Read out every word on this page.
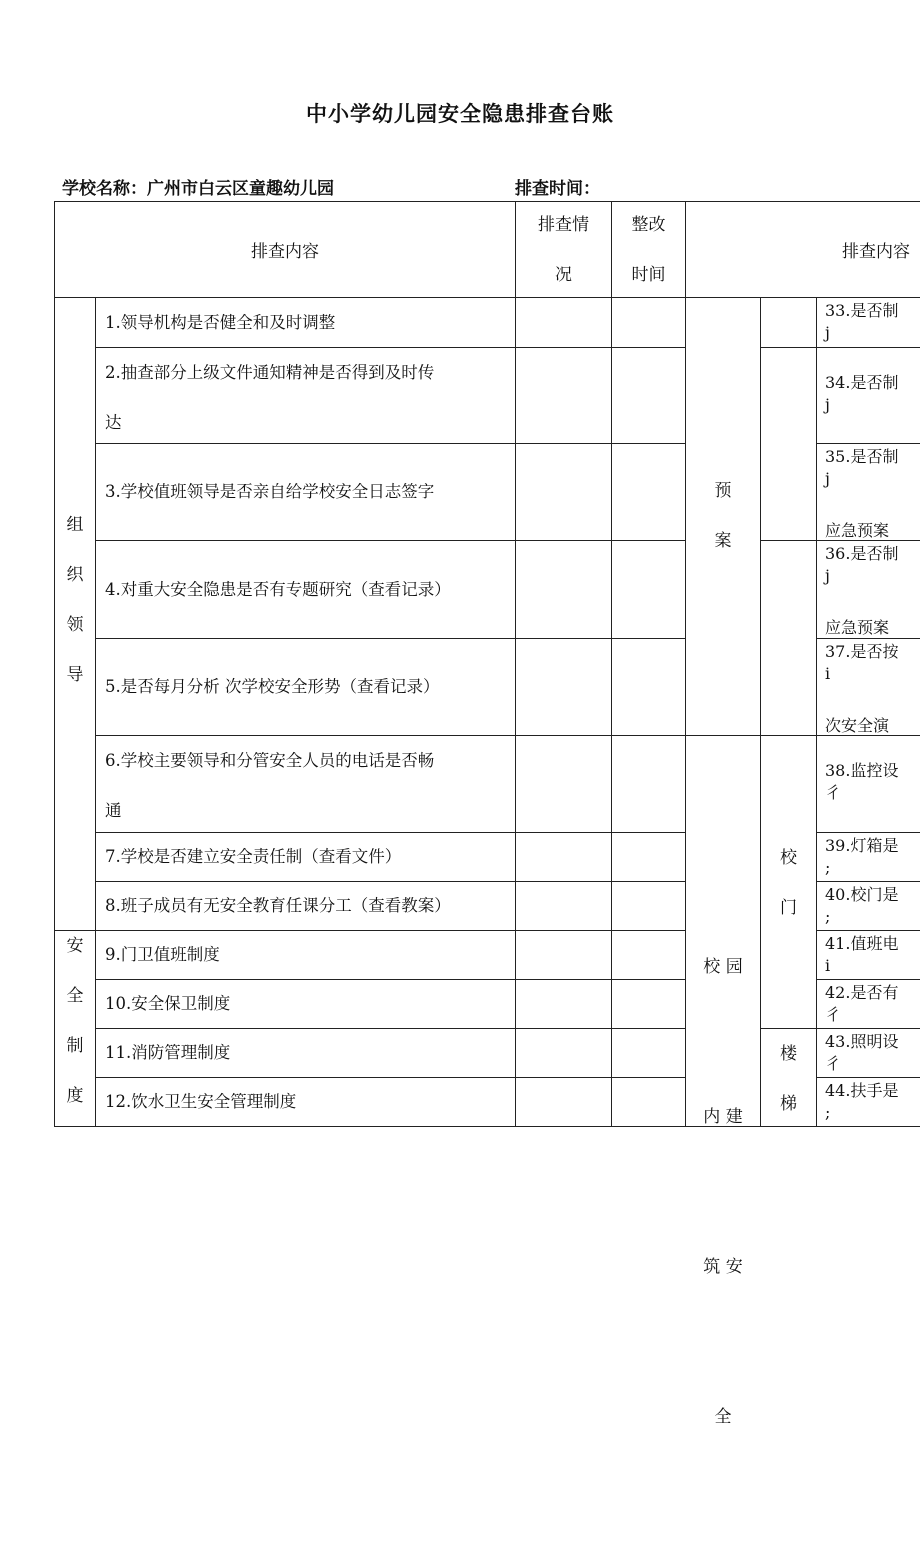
中小学幼儿园安全隐患排查台账
学校名称：广州市白云区童趣幼儿园	排查时间：
排查内容
排查情
况
整改
时间
排查内容
组
织
领
导
安
全
制
度
1.领导机构是否健全和及时调整
2.抽查部分上级文件通知精神是否得到及时传
达
3.学校值班领导是否亲自给学校安全日志签字
4.对重大安全隐患是否有专题研究（查看记录）
5.是否每月分析 次学校安全形势（查看记录）
6.学校主要领导和分管安全人员的电话是否畅
通
7.学校是否建立安全责任制（查看文件）
8.班子成员有无安全教育任课分工（查看教案）
9.门卫值班制度
10.安全保卫制度
11.消防管理制度
12.饮水卫生安全管理制度
预
案

校 园

内 建

筑 安

全

校
门
楼
梯
33.是否制
j
34.是否制
j
35.是否制
j
应急预案
36.是否制
j
应急预案
37.是否按
i
次安全演
38.监控设
彳
39.灯箱是
;
40.校门是
;
41.值班电
i
42.是否有
彳
43.照明设
彳
44.扶手是
;
